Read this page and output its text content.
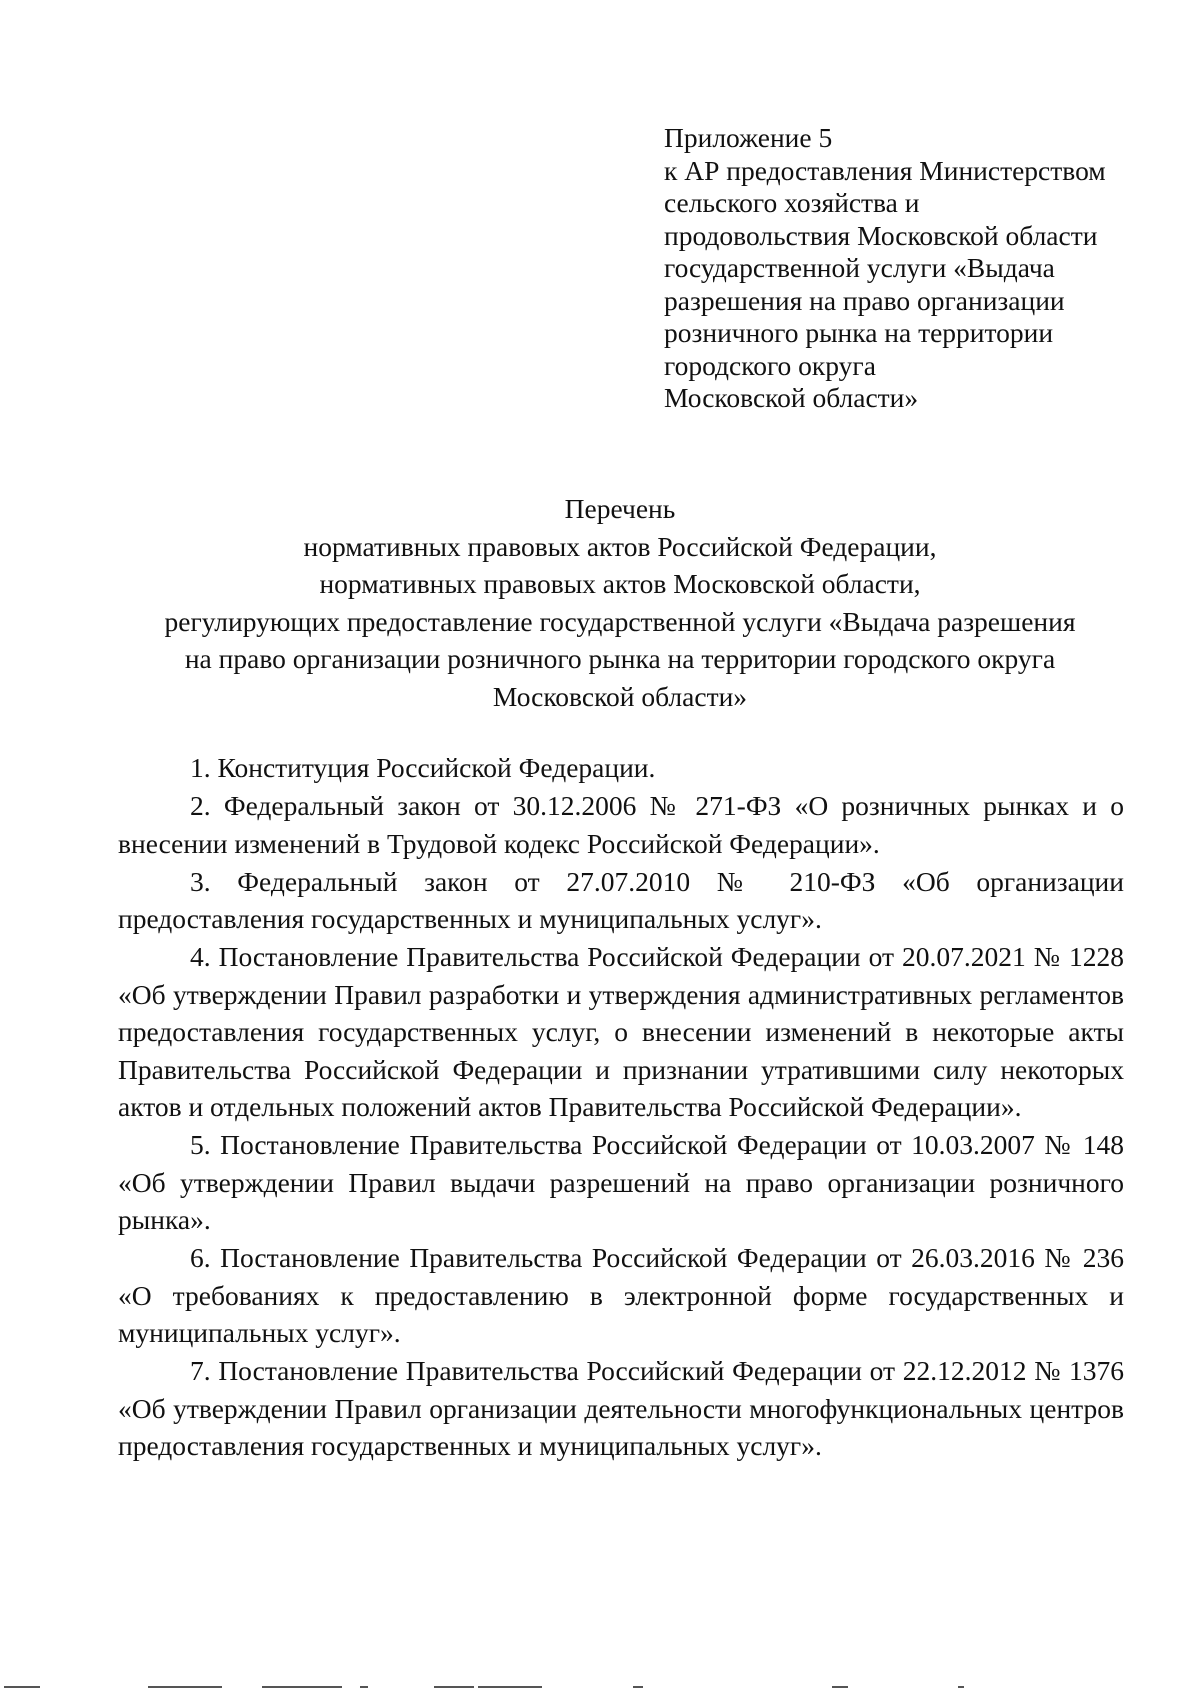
Приложение 5
к АР предоставления Министерством
сельского хозяйства и
продовольствия Московской области
государственной услуги «Выдача
разрешения на право организации
розничного рынка на территории
городского округа
Московской области»
Перечень
нормативных правовых актов Российской Федерации,
нормативных правовых актов Московской области,
регулирующих предоставление государственной услуги «Выдача разрешения
на право организации розничного рынка на территории городского округа
Московской области»
1. Конституция Российской Федерации.
2. Федеральный закон от 30.12.2006 № 271-ФЗ «О розничных рынках и о внесении изменений в Трудовой кодекс Российской Федерации».
3. Федеральный закон от 27.07.2010 № 210-ФЗ «Об организации предоставления государственных и муниципальных услуг».
4. Постановление Правительства Российской Федерации от 20.07.2021 № 1228 «Об утверждении Правил разработки и утверждения административных регламентов предоставления государственных услуг, о внесении изменений в некоторые акты Правительства Российской Федерации и признании утратившими силу некоторых актов и отдельных положений актов Правительства Российской Федерации».
5. Постановление Правительства Российской Федерации от 10.03.2007 № 148 «Об утверждении Правил выдачи разрешений на право организации розничного рынка».
6. Постановление Правительства Российской Федерации от 26.03.2016 № 236 «О требованиях к предоставлению в электронной форме государственных и муниципальных услуг».
7. Постановление Правительства Российский Федерации от 22.12.2012 № 1376 «Об утверждении Правил организации деятельности многофункциональных центров предоставления государственных и муниципальных услуг».
